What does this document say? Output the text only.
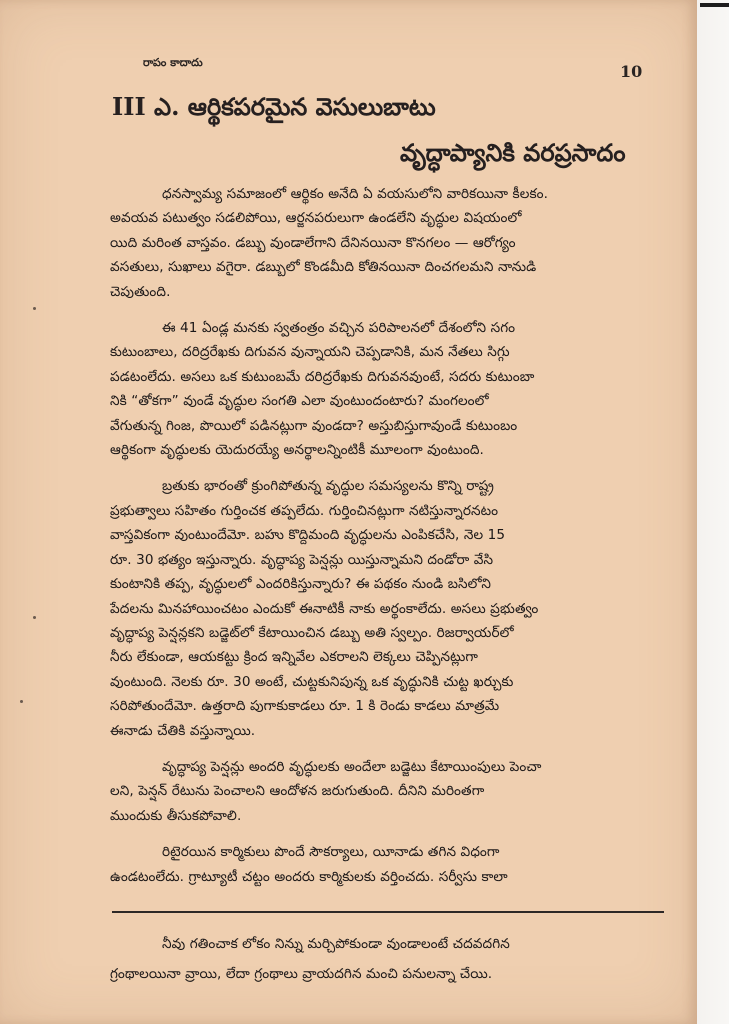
రాపం కాదాదు	10
III ఎ. ఆర్థికపరమైన వెసులుబాటు
వృద్ధాప్యానికి వరప్రసాదం
ధనస్వామ్య సమాజంలో ఆర్థికం అనేది ఏ వయసులోని వారికయినా కీలకం.
అవయవ పటుత్వం సడలిపోయి, ఆర్జనపరులుగా ఉండలేని వృద్ధుల విషయంలో
యిది మరింత వాస్తవం. డబ్బు వుండాలేగాని దేనినయినా కొనగలం — ఆరోగ్యం
వసతులు, సుఖాలు వగైరా. డబ్బులో కొండమీది కోతినయినా దించగలమని నానుడి
చెపుతుంది.
ఈ 41 ఏండ్ల మనకు స్వతంత్రం వచ్చిన పరిపాలనలో దేశంలోని సగం
కుటుంబాలు, దరిద్రరేఖకు దిగువన వున్నాయని చెప్పడానికి, మన నేతలు సిగ్గు
పడటంలేదు. అసలు ఒక కుటుంబమే దరిద్రరేఖకు దిగువనవుంటే, సదరు కుటుంబా
నికి “తోకగా” వుండే వృద్ధుల సంగతి ఎలా వుంటుందంటారు? మంగలంలో
వేగుతున్న గింజ, పొయిలో పడినట్లుగా వుండదా? అస్తుబిస్తుగావుండే కుటుంబం
ఆర్థికంగా వృద్ధులకు యెదురయ్యే అనర్థాలన్నింటికీ మూలంగా వుంటుంది.
బ్రతుకు భారంతో క్రుంగిపోతున్న వృద్ధుల సమస్యలను కొన్ని రాష్ట్ర
ప్రభుత్వాలు సహితం గుర్తించక తప్పలేదు. గుర్తించినట్లుగా నటిస్తున్నారనటం
వాస్తవికంగా వుంటుందేమో. బహు కొద్దిమంది వృద్ధులను ఎంపికచేసి, నెల 15
రూ. 30 భత్యం ఇస్తున్నారు. వృద్ధాప్య పెన్షన్లు యిస్తున్నామని దండోరా వేసి
కుంటానికి తప్ప, వృద్ధులలో ఎందరికిస్తున్నారు? ఈ పథకం నుండి బసిలోని
పేదలను మినహాయించటం ఎందుకో ఈనాటికీ నాకు అర్థంకాలేదు. అసలు ప్రభుత్వం
వృద్ధాప్య పెన్షన్లకని బడ్జెట్‌లో కేటాయించిన డబ్బు అతి స్వల్పం. రిజర్వాయర్‌లో
నీరు లేకుండా, ఆయకట్టు క్రింద ఇన్నివేల ఎకరాలని లెక్కలు చెప్పినట్లుగా
వుంటుంది. నెలకు రూ. 30 అంటే, చుట్టకునిపున్న ఒక వృద్ధునికి చుట్ట ఖర్చుకు
సరిపోతుందేమో. ఉత్తరాది పుగాకుకాడలు రూ. 1 కి రెండు కాడలు మాత్రమే
ఈనాడు చేతికి వస్తున్నాయి.
వృద్ధాప్య పెన్షన్లు అందరి వృద్ధులకు అందేలా బడ్జెటు కేటాయింపులు పెంచా
లని, పెన్షన్ రేటును పెంచాలని ఆందోళన జరుగుతుంది. దీనిని మరింతగా
ముందుకు తీసుకపోవాలి.
రిటైరయిన కార్మికులు పొందే సౌకర్యాలు, యీనాడు తగిన విధంగా
ఉండటంలేదు. గ్రాట్యూటీ చట్టం అందరు కార్మికులకు వర్తించదు. సర్వీసు కాలా
నీవు గతించాక లోకం నిన్ను మర్చిపోకుండా వుండాలంటే చదవదగిన
గ్రంథాలయినా వ్రాయి, లేదా గ్రంథాలు వ్రాయదగిన మంచి పనులన్నా చేయి.
